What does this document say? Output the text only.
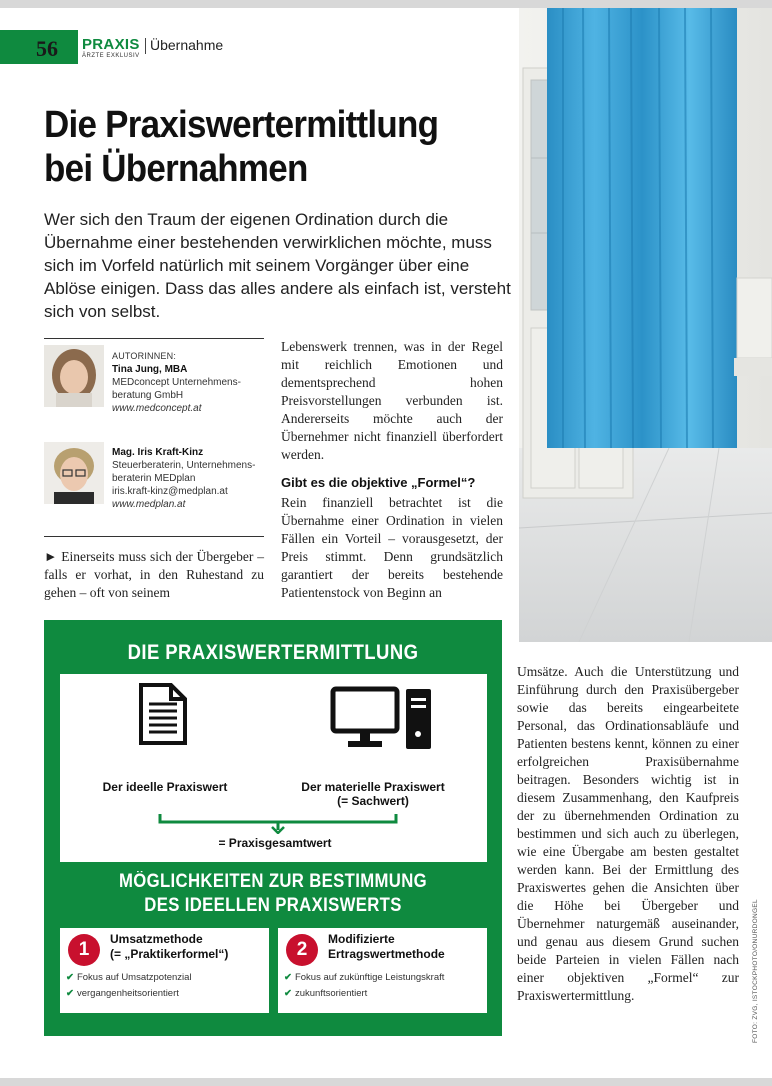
56 PRAXIS
ÄRZTE EXKLUSIV
Übernahme
Die Praxiswertermittlung
bei Übernahmen
Wer sich den Traum der eigenen Ordination durch die Übernahme einer bestehenden verwirklichen möchte, muss sich im Vorfeld natürlich mit seinem Vorgänger über eine Ablöse einigen. Dass das alles andere als einfach ist, versteht sich von selbst.
AUTORINNEN:
Tina Jung, MBA
MEDconcept Unternehmens-
beratung GmbH
www.medconcept.at
Mag. Iris Kraft-Kinz
Steuerberaterin, Unternehmens-
beraterin MEDplan
iris.kraft-kinz@medplan.at
www.medplan.at
► Einerseits muss sich der Übergeber – falls er vorhat, in den Ruhestand zu gehen – oft von seinem
Lebenswerk trennen, was in der Regel mit reichlich Emotionen und dementsprechend hohen Preisvorstellungen verbunden ist. Andererseits möchte auch der Übernehmer nicht finanziell überfordert werden.
Gibt es die objektive „Formel“?
Rein finanziell betrachtet ist die Übernahme einer Ordination in vielen Fällen ein Vorteil – vorausgesetzt, der Preis stimmt. Denn grundsätzlich garantiert der bereits bestehende Patientenstock von Beginn an
Umsätze. Auch die Unterstützung und Einführung durch den Praxisübergeber sowie das bereits eingearbeitete Personal, das Ordinationsabläufe und Patienten bestens kennt, können zu einer erfolgreichen Praxisübernahme beitragen. Besonders wichtig ist in diesem Zusammenhang, den Kaufpreis der zu übernehmenden Ordination zu bestimmen und sich auch zu überlegen, wie eine Übergabe am besten gestaltet werden kann. Bei der Ermittlung des Praxiswertes gehen die Ansichten über die Höhe bei Übergeber und Übernehmer naturgemäß auseinander, und genau aus diesem Grund suchen beide Parteien in vielen Fällen nach einer objektiven „Formel“ zur Praxiswertermittlung.	FOTO: ZVG, ISTOCKPHOTO/ONURDONGEL
DIE PRAXISWERTERMITTLUNG
Der ideelle Praxiswert	Der materielle Praxiswert
(= Sachwert)
= Praxisgesamtwert
MÖGLICHKEITEN ZUR BESTIMMUNG
DES IDEELLEN PRAXISWERTS
1	Umsatzmethode
(= „Praktikerformel“)
✔ Fokus auf Umsatzpotenzial
✔ vergangenheitsorientiert
2	Modifizierte
Ertragswertmethode
✔ Fokus auf zukünftige Leistungskraft
✔ zukunftsorientiert
